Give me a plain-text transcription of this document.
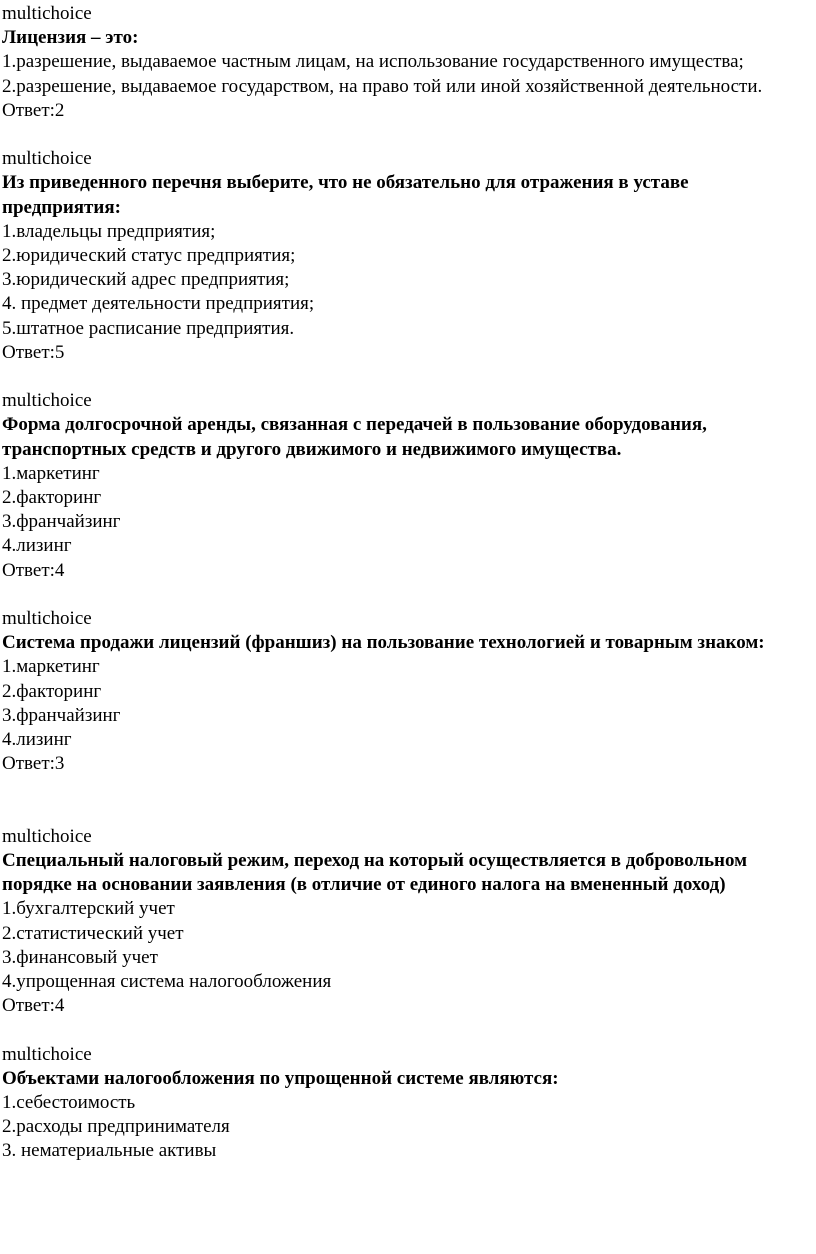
multichoice
Лицензия – это:
1.разрешение, выдаваемое частным лицам, на использование государственного имущества;
2.разрешение, выдаваемое государством, на право той или иной хозяйственной деятельности.
Ответ:2
multichoice
Из приведенного перечня выберите, что не обязательно для отражения в уставе предприятия:
1.владельцы предприятия;
2.юридический статус предприятия;
3.юридический адрес предприятия;
4. предмет деятельности предприятия;
5.штатное расписание предприятия.
Ответ:5
multichoice
Форма долгосрочной аренды, связанная с передачей в пользование оборудования, транспортных средств и другого движимого и недвижимого имущества.
1.маркетинг
2.факторинг
3.франчайзинг
4.лизинг
Ответ:4
multichoice
Система продажи лицензий (франшиз) на пользование технологией и товарным знаком:
1.маркетинг
2.факторинг
3.франчайзинг
4.лизинг
Ответ:3
multichoice
Специальный налоговый режим, переход на который осуществляется в добровольном порядке на основании заявления (в отличие от единого налога на вмененный доход)
1.бухгалтерский учет
2.статистический учет
3.финансовый учет
4.упрощенная система налогообложения
Ответ:4
multichoice
Объектами налогообложения по упрощенной системе являются:
1.себестоимость
2.расходы предпринимателя
3. нематериальные активы
